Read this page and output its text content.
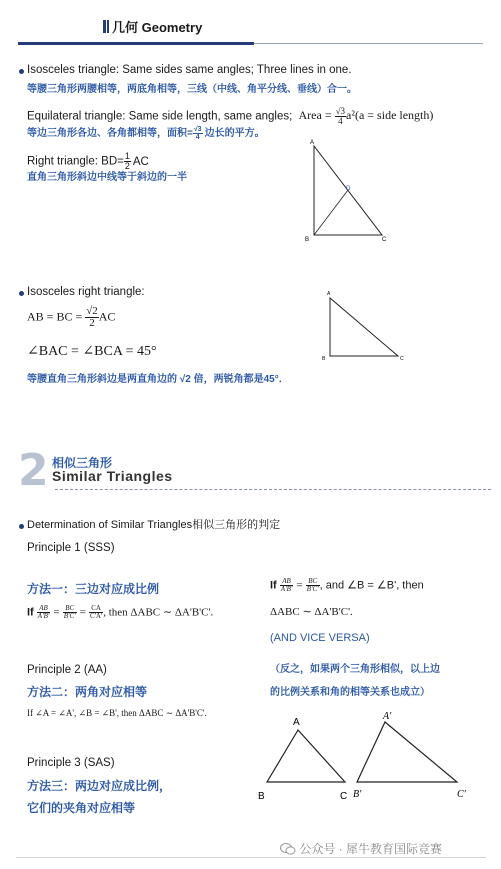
几何 Geometry
Isosceles triangle: Same sides same angles; Three lines in one.
等腰三角形两腰相等，两底角相等，三线（中线、角平分线、垂线）合一。
Equilateral triangle: Same side length, same angles; Area = $\frac{√3}{4} a^2(a$ = side length)
等边三角形各边、各角都相等，面积= $\frac{√3}{4}$ 边长的平方。
Right triangle: $BD= \frac{1}{2}$ AC
直角三角形斜边中线等于斜边的一半
A
B	C
D
Isosceles right triangle:
AB = BC = $\frac{√2}{2}$ AC
∠BAC = ∠BCA = 45°
等腰直角三角形斜边是两直角边的 √2 倍，两锐角都是45°．
A
B	C
2 相似三角形
Similar Triangles
Determination of Similar Triangles相似三角形的判定
Principle 1 (SSS)
方法一：三边对应成比例
If $\frac{AB}{A'B'} = \frac{BC}{B'C'} = \frac{CA}{C'A'}$ , then ΔABC ∼ ΔA'B'C'.
If $\frac{AB}{A'B'} = \frac{BC}{B'C'}$ , and ∠B = ∠B', then
ΔABC ∼ ΔA'B'C'.
(AND VICE VERSA)
（反之，如果两个三角形相似，以上边
的比例关系和角的相等关系也成立）
Principle 2 (AA)
方法二：两角对应相等
If ∠A = ∠A', ∠B = ∠B', then ΔABC ∼ ΔA'B'C'.
Principle 3 (SAS)
方法三：两边对应成比例，
它们的夹角对应相等
A
B	C
A'
B'	C'
公众号 · 犀牛教育国际竞赛
